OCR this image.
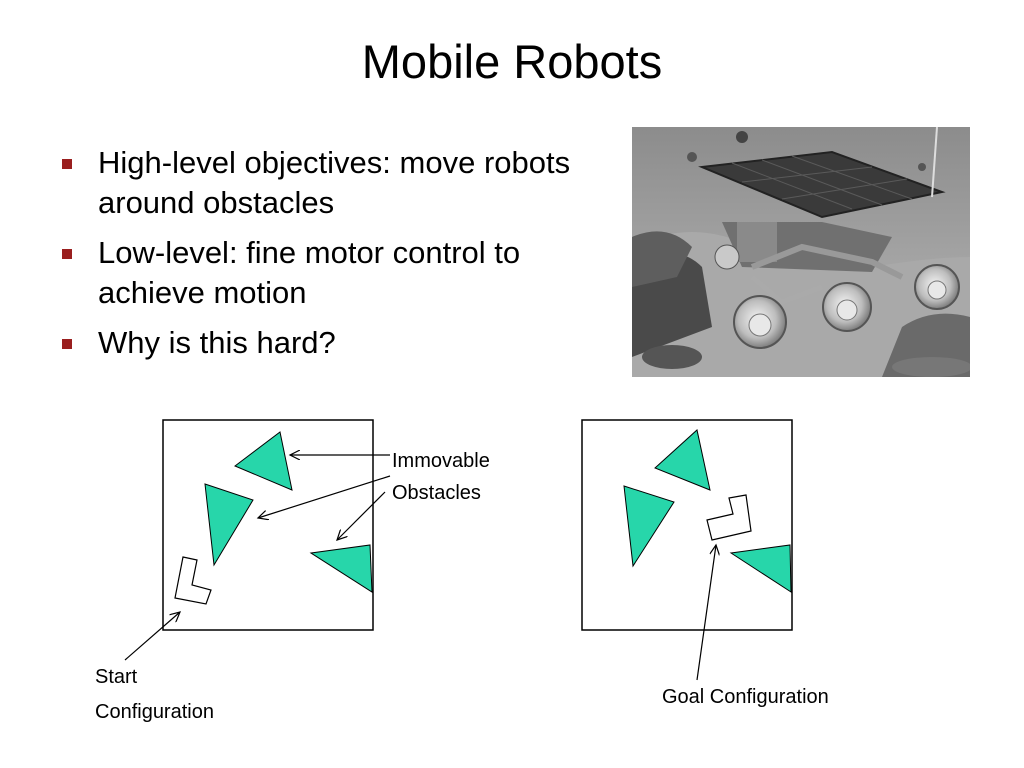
Mobile Robots
High-level objectives: move robots around obstacles
Low-level: fine motor control to achieve motion
Why is this hard?
Immovable
Obstacles
Start
Configuration
Goal Configuration
